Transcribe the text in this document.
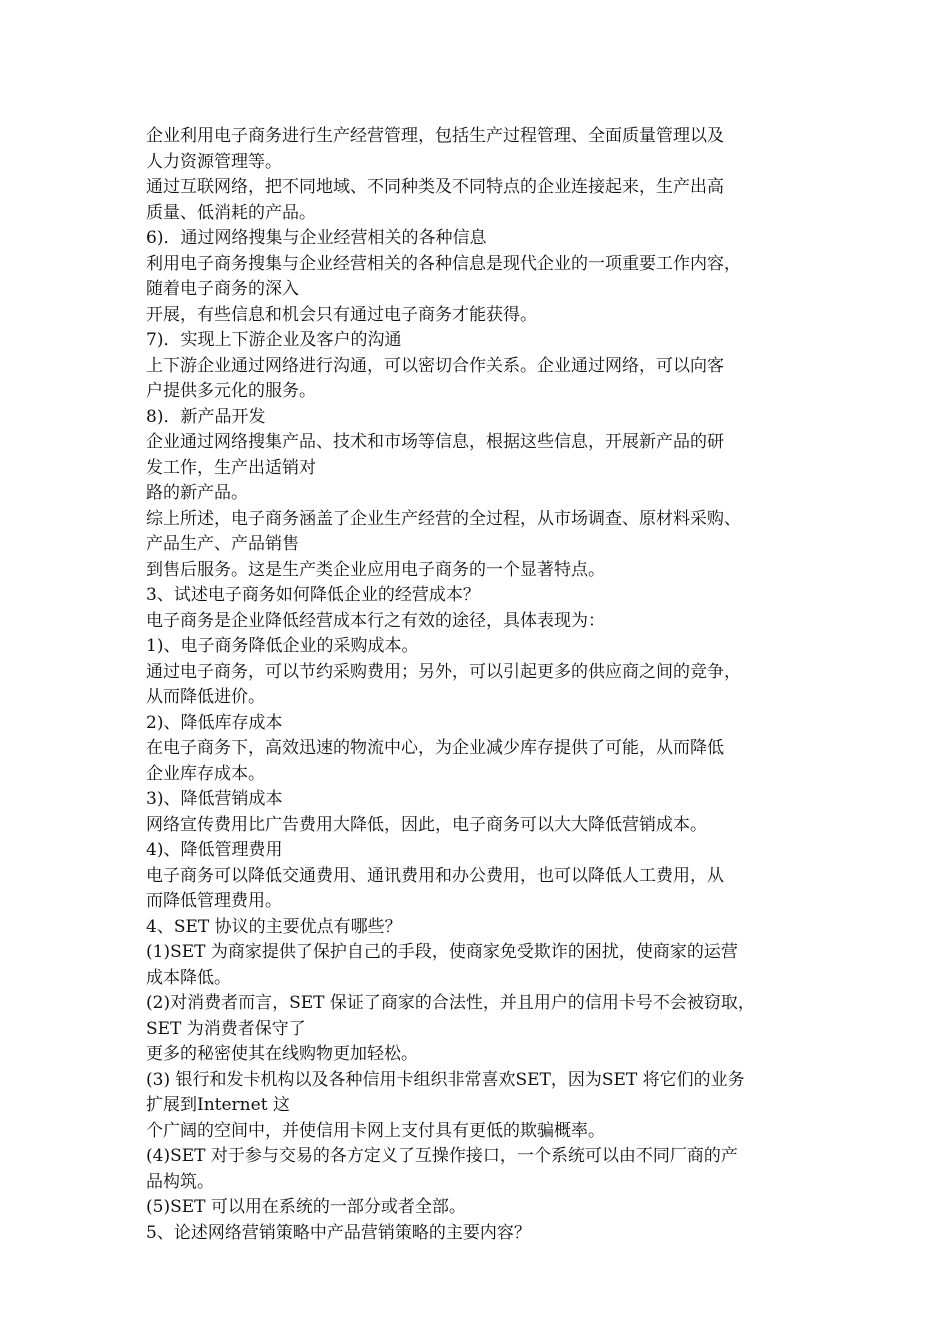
企业利用电子商务进行生产经营管理，包括生产过程管理、全面质量管理以及
人力资源管理等。
通过互联网络，把不同地域、不同种类及不同特点的企业连接起来，生产出高
质量、低消耗的产品。
6)．通过网络搜集与企业经营相关的各种信息
利用电子商务搜集与企业经营相关的各种信息是现代企业的一项重要工作内容，
随着电子商务的深入
开展，有些信息和机会只有通过电子商务才能获得。
7)．实现上下游企业及客户的沟通
上下游企业通过网络进行沟通，可以密切合作关系。企业通过网络，可以向客
户提供多元化的服务。
8)．新产品开发
企业通过网络搜集产品、技术和市场等信息，根据这些信息，开展新产品的研
发工作，生产出适销对
路的新产品。
综上所述，电子商务涵盖了企业生产经营的全过程，从市场调查、原材料采购、
产品生产、产品销售
到售后服务。这是生产类企业应用电子商务的一个显著特点。
3、试述电子商务如何降低企业的经营成本？
电子商务是企业降低经营成本行之有效的途径，具体表现为：
1)、电子商务降低企业的采购成本。
通过电子商务，可以节约采购费用；另外，可以引起更多的供应商之间的竞争，
从而降低进价。
2)、降低库存成本
在电子商务下，高效迅速的物流中心，为企业减少库存提供了可能，从而降低
企业库存成本。
3)、降低营销成本
网络宣传费用比广告费用大降低，因此，电子商务可以大大降低营销成本。
4)、降低管理费用
电子商务可以降低交通费用、通讯费用和办公费用，也可以降低人工费用，从
而降低管理费用。
4、SET 协议的主要优点有哪些？
(1)SET 为商家提供了保护自己的手段，使商家免受欺诈的困扰，使商家的运营
成本降低。
(2)对消费者而言，SET 保证了商家的合法性，并且用户的信用卡号不会被窃取，
SET 为消费者保守了
更多的秘密使其在线购物更加轻松。
(3) 银行和发卡机构以及各种信用卡组织非常喜欢SET，因为SET 将它们的业务
扩展到Internet 这
个广阔的空间中，并使信用卡网上支付具有更低的欺骗概率。
(4)SET 对于参与交易的各方定义了互操作接口，一个系统可以由不同厂商的产
品构筑。
(5)SET 可以用在系统的一部分或者全部。
5、论述网络营销策略中产品营销策略的主要内容？
